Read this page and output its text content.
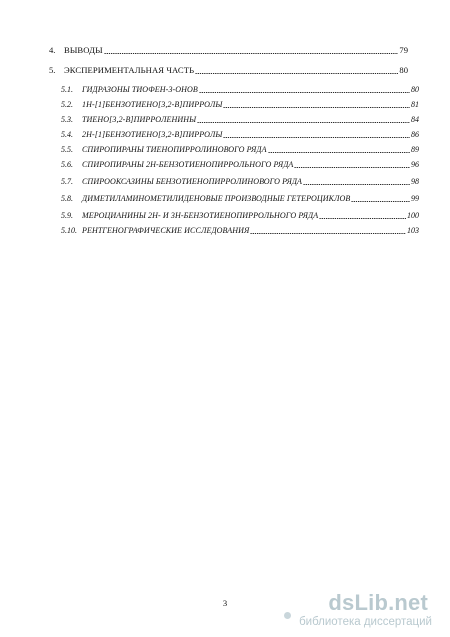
4. ВЫВОДЫ	79
5. ЭКСПЕРИМЕНТАЛЬНАЯ ЧАСТЬ	80
5.1.	ГИДРАЗОНЫ ТИОФЕН-3-ОНОВ	80
5.2.	1Н-[1]БЕНЗОТИЕНО[3,2-B]ПИРРОЛЫ	81
5.3.	ТИЕНО[3,2-B]ПИРРОЛЕНИНЫ	84
5.4.	2Н-[1]БЕНЗОТИЕНО[3,2-B]ПИРРОЛЫ	86
5.5.	СПИРОПИРАНЫ ТИЕНОПИРРОЛИНОВОГО РЯДА	89
5.6.	СПИРОПИРАНЫ 2Н-БЕНЗОТИЕНОПИРРОЛЬНОГО РЯДА	96
5.7.	СПИРООКСАЗИНЫ БЕНЗОТИЕНОПИРРОЛИНОВОГО РЯДА	98
5.8.	ДИМЕТИЛАМИНОМЕТИЛИДЕНОВЫЕ ПРОИЗВОДНЫЕ ГЕТЕРОЦИКЛОВ	99
5.9.	МЕРОЦИАНИНЫ 2Н- И 3Н-БЕНЗОТИЕНОПИРРОЛЬНОГО РЯДА	100
5.10. РЕНТГЕНОГРАФИЧЕСКИЕ ИССЛЕДОВАНИЯ	103
3	dsLib.net
библиотека диссертаций
